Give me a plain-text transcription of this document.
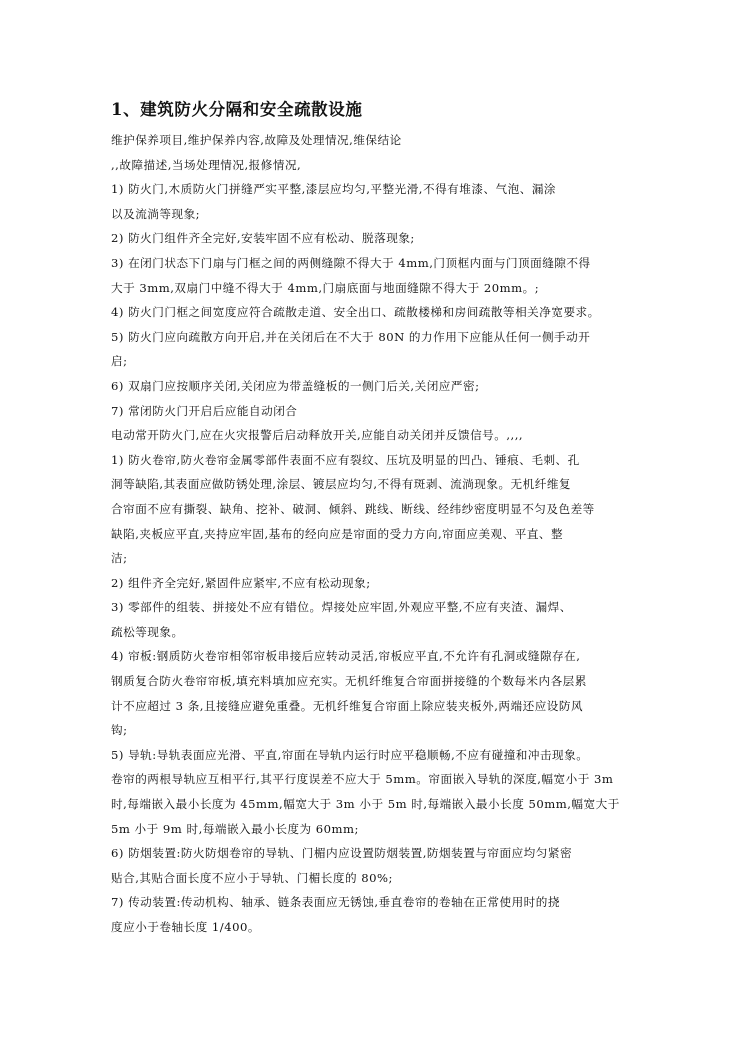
1、建筑防火分隔和安全疏散设施
维护保养项目,维护保养内容,故障及处理情况,维保结论
,,故障描述,当场处理情况,报修情况,
1) 防火门,木质防火门拼缝严实平整,漆层应均匀,平整光滑,不得有堆漆、气泡、漏涂
以及流淌等现象;
2) 防火门组件齐全完好,安装牢固不应有松动、脱落现象;
3) 在闭门状态下门扇与门框之间的两侧缝隙不得大于 4mm,门顶框内面与门顶面缝隙不得
大于 3mm,双扇门中缝不得大于 4mm,门扇底面与地面缝隙不得大于 20mm。;
4) 防火门门框之间宽度应符合疏散走道、安全出口、疏散楼梯和房间疏散等相关净宽要求。
5) 防火门应向疏散方向开启,并在关闭后在不大于 80N 的力作用下应能从任何一侧手动开
启;
6) 双扇门应按顺序关闭,关闭应为带盖缝板的一侧门后关,关闭应严密;
7) 常闭防火门开启后应能自动闭合
电动常开防火门,应在火灾报警后启动释放开关,应能自动关闭并反馈信号。,,,,
1) 防火卷帘,防火卷帘金属零部件表面不应有裂纹、压坑及明显的凹凸、锤痕、毛刺、孔
洞等缺陷,其表面应做防锈处理,涂层、镀层应均匀,不得有斑剥、流淌现象。无机纤维复
合帘面不应有撕裂、缺角、挖补、破洞、倾斜、跳线、断线、经纬纱密度明显不匀及色差等
缺陷,夹板应平直,夹持应牢固,基布的经向应是帘面的受力方向,帘面应美观、平直、整
洁;
2) 组件齐全完好,紧固件应紧牢,不应有松动现象;
3) 零部件的组装、拼接处不应有错位。焊接处应牢固,外观应平整,不应有夹渣、漏焊、
疏松等现象。
4) 帘板:钢质防火卷帘相邻帘板串接后应转动灵活,帘板应平直,不允许有孔洞或缝隙存在,
钢质复合防火卷帘帘板,填充料填加应充实。无机纤维复合帘面拼接缝的个数每米内各层累
计不应超过 3 条,且接缝应避免重叠。无机纤维复合帘面上除应装夹板外,两端还应设防风
钩;
5) 导轨:导轨表面应光滑、平直,帘面在导轨内运行时应平稳顺畅,不应有碰撞和冲击现象。
卷帘的两根导轨应互相平行,其平行度误差不应大于 5mm。帘面嵌入导轨的深度,幅宽小于 3m
时,每端嵌入最小长度为 45mm,幅宽大于 3m 小于 5m 时,每端嵌入最小长度 50mm,幅宽大于
5m 小于 9m 时,每端嵌入最小长度为 60mm;
6) 防烟装置:防火防烟卷帘的导轨、门楣内应设置防烟装置,防烟装置与帘面应均匀紧密
贴合,其贴合面长度不应小于导轨、门楣长度的 80%;
7) 传动装置:传动机构、轴承、链条表面应无锈蚀,垂直卷帘的卷轴在正常使用时的挠
度应小于卷轴长度 1/400。
